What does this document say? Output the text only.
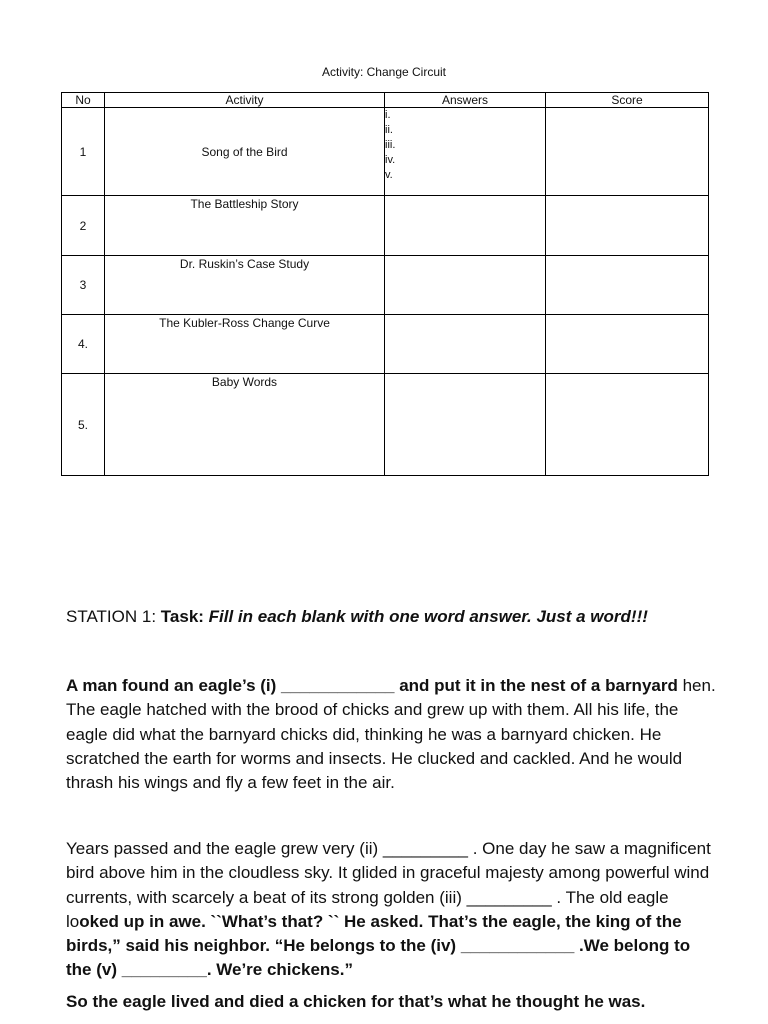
Activity: Change Circuit
No	Activity	Answers	Score
1	Song of the Bird	i.
ii.
iii.
iv.
v.	

2	The Battleship Story		
3	Dr. Ruskin’s Case Study		
4.	The Kubler-Ross Change Curve		
5.	Baby Words		
STATION 1: Task: Fill in each blank with one word answer. Just a word!!!
A man found an eagle’s (i) ____________ and put it in the nest of a barnyard hen. The eagle hatched with the brood of chicks and grew up with them. All his life, the eagle did what the barnyard chicks did, thinking he was a barnyard chicken. He scratched the earth for worms and insects. He clucked and cackled. And he would thrash his wings and fly a few feet in the air.
Years passed and the eagle grew very (ii) _________ . One day he saw a magnificent bird above him in the cloudless sky. It glided in graceful majesty among powerful wind currents, with scarcely a beat of its strong golden (iii) _________ . The old eagle looked up in awe. ``What’s that? `` He asked. That’s the eagle, the king of the birds,” said his neighbor. “He belongs to the (iv) ____________ .We belong to the (v) _________. We’re chickens.”
So the eagle lived and died a chicken for that’s what he thought he was.
